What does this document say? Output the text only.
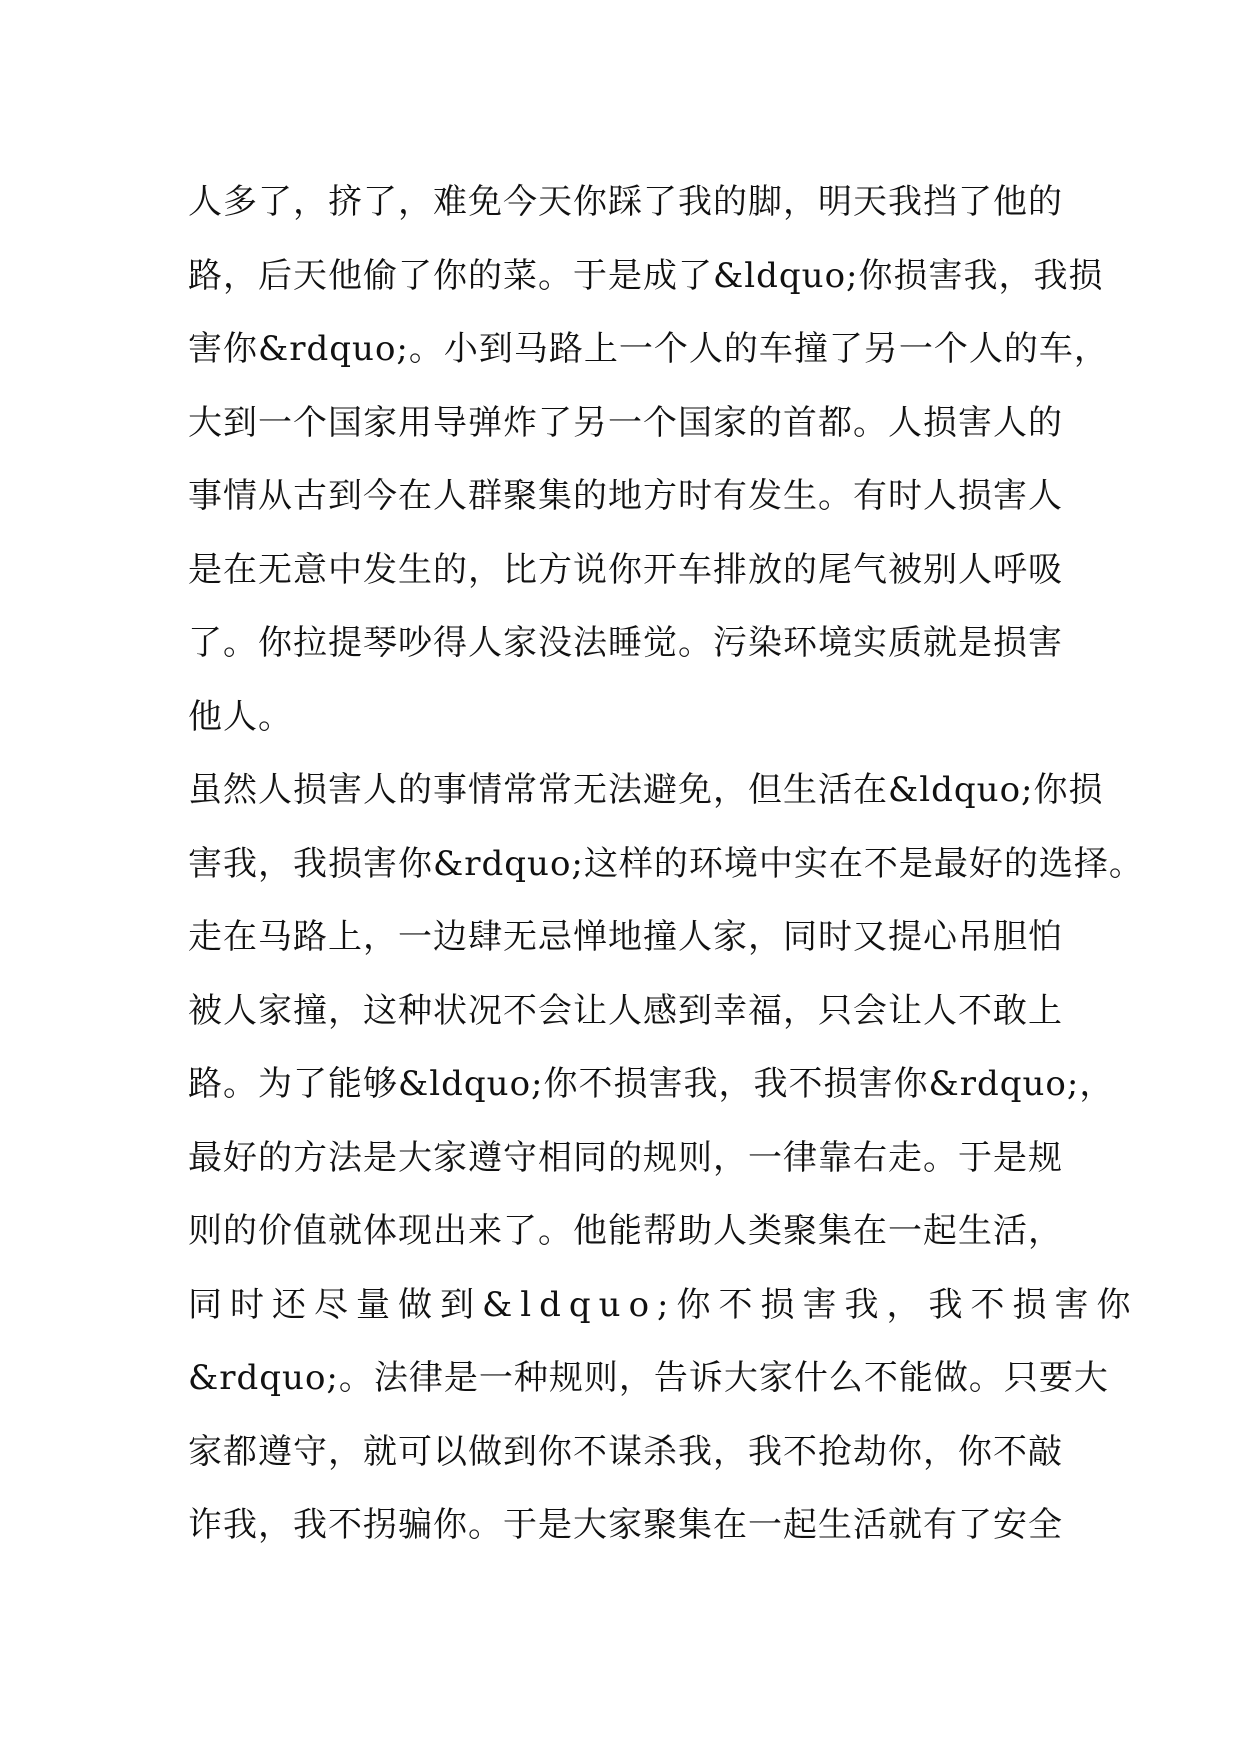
人多了，挤了，难免今天你踩了我的脚，明天我挡了他的
路，后天他偷了你的菜。于是成了&ldquo;你损害我，我损
害你&rdquo;。小到马路上一个人的车撞了另一个人的车，
大到一个国家用导弹炸了另一个国家的首都。人损害人的
事情从古到今在人群聚集的地方时有发生。有时人损害人
是在无意中发生的，比方说你开车排放的尾气被别人呼吸
了。你拉提琴吵得人家没法睡觉。污染环境实质就是损害
他人。
虽然人损害人的事情常常无法避免，但生活在&ldquo;你损
害我，我损害你&rdquo;这样的环境中实在不是最好的选择。
走在马路上，一边肆无忌惮地撞人家，同时又提心吊胆怕
被人家撞，这种状况不会让人感到幸福，只会让人不敢上
路。为了能够&ldquo;你不损害我，我不损害你&rdquo;，
最好的方法是大家遵守相同的规则，一律靠右走。于是规
则的价值就体现出来了。他能帮助人类聚集在一起生活，
同时还尽量做到&ldquo;你不损害我，我不损害你
&rdquo;。法律是一种规则，告诉大家什么不能做。只要大
家都遵守，就可以做到你不谋杀我，我不抢劫你，你不敲
诈我，我不拐骗你。于是大家聚集在一起生活就有了安全
